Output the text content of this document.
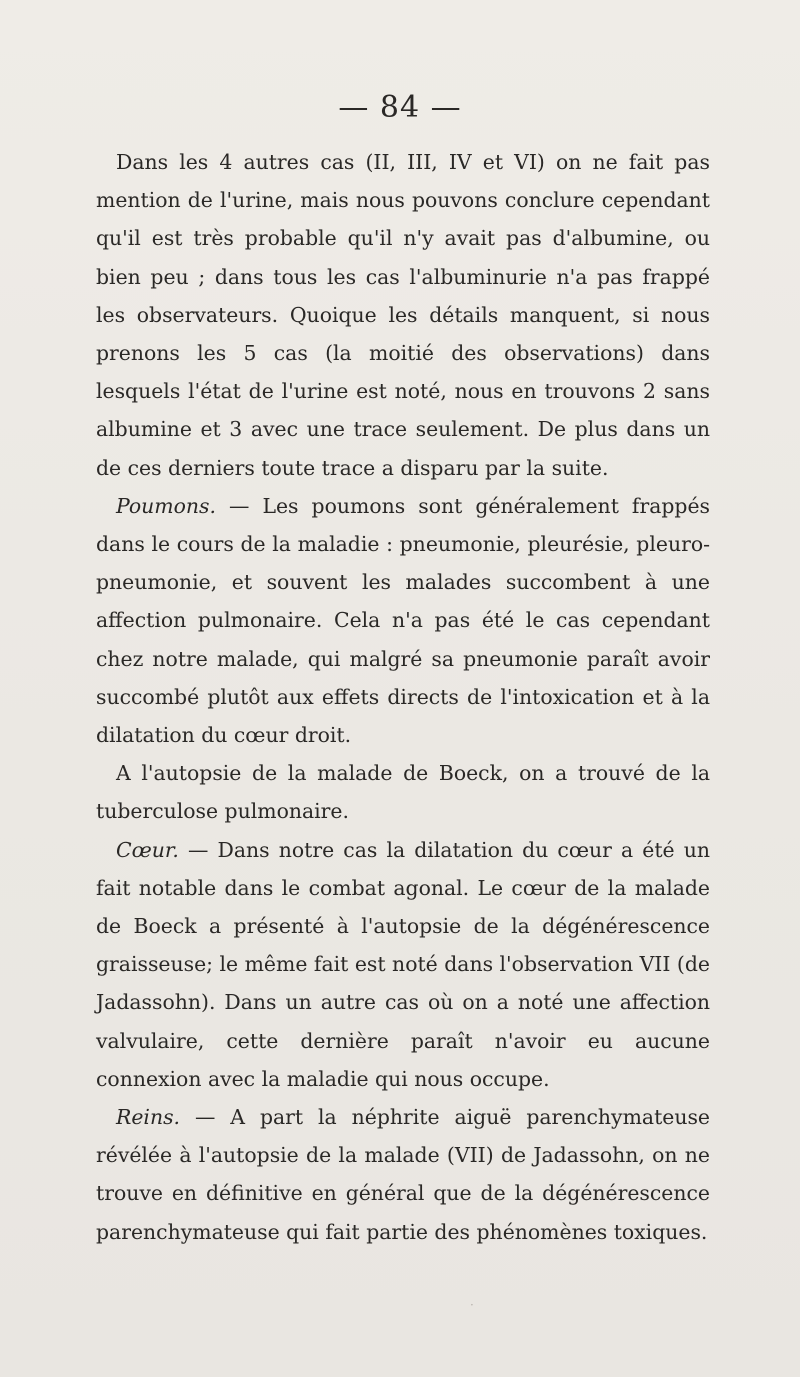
— 84 —

Dans les 4 autres cas (II, III, IV et VI) on ne fait pas mention de l'urine, mais nous pouvons conclure cependant qu'il est très probable qu'il n'y avait pas d'albumine, ou bien peu ; dans tous les cas l'albuminurie n'a pas frappé les observateurs. Quoique les détails manquent, si nous prenons les 5 cas (la moitié des observations) dans lesquels l'état de l'urine est noté, nous en trouvons 2 sans albumine et 3 avec une trace seulement. De plus dans un de ces derniers toute trace a disparu par la suite.

Poumons. — Les poumons sont généralement frappés dans le cours de la maladie : pneumonie, pleurésie, pleuro-pneumonie, et souvent les malades succombent à une affection pulmonaire. Cela n'a pas été le cas cependant chez notre malade, qui malgré sa pneumonie paraît avoir succombé plutôt aux effets directs de l'intoxication et à la dilatation du cœur droit.

A l'autopsie de la malade de Boeck, on a trouvé de la tuberculose pulmonaire.

Cœur. — Dans notre cas la dilatation du cœur a été un fait notable dans le combat agonal. Le cœur de la malade de Boeck a présenté à l'autopsie de la dégénérescence graisseuse; le même fait est noté dans l'observation VII (de Jadassohn). Dans un autre cas où on a noté une affection valvulaire, cette dernière paraît n'avoir eu aucune connexion avec la maladie qui nous occupe.

Reins. — A part la néphrite aiguë parenchymateuse révélée à l'autopsie de la malade (VII) de Jadassohn, on ne trouve en définitive en général que de la dégénérescence parenchymateuse qui fait partie des phénomènes toxiques.

·
